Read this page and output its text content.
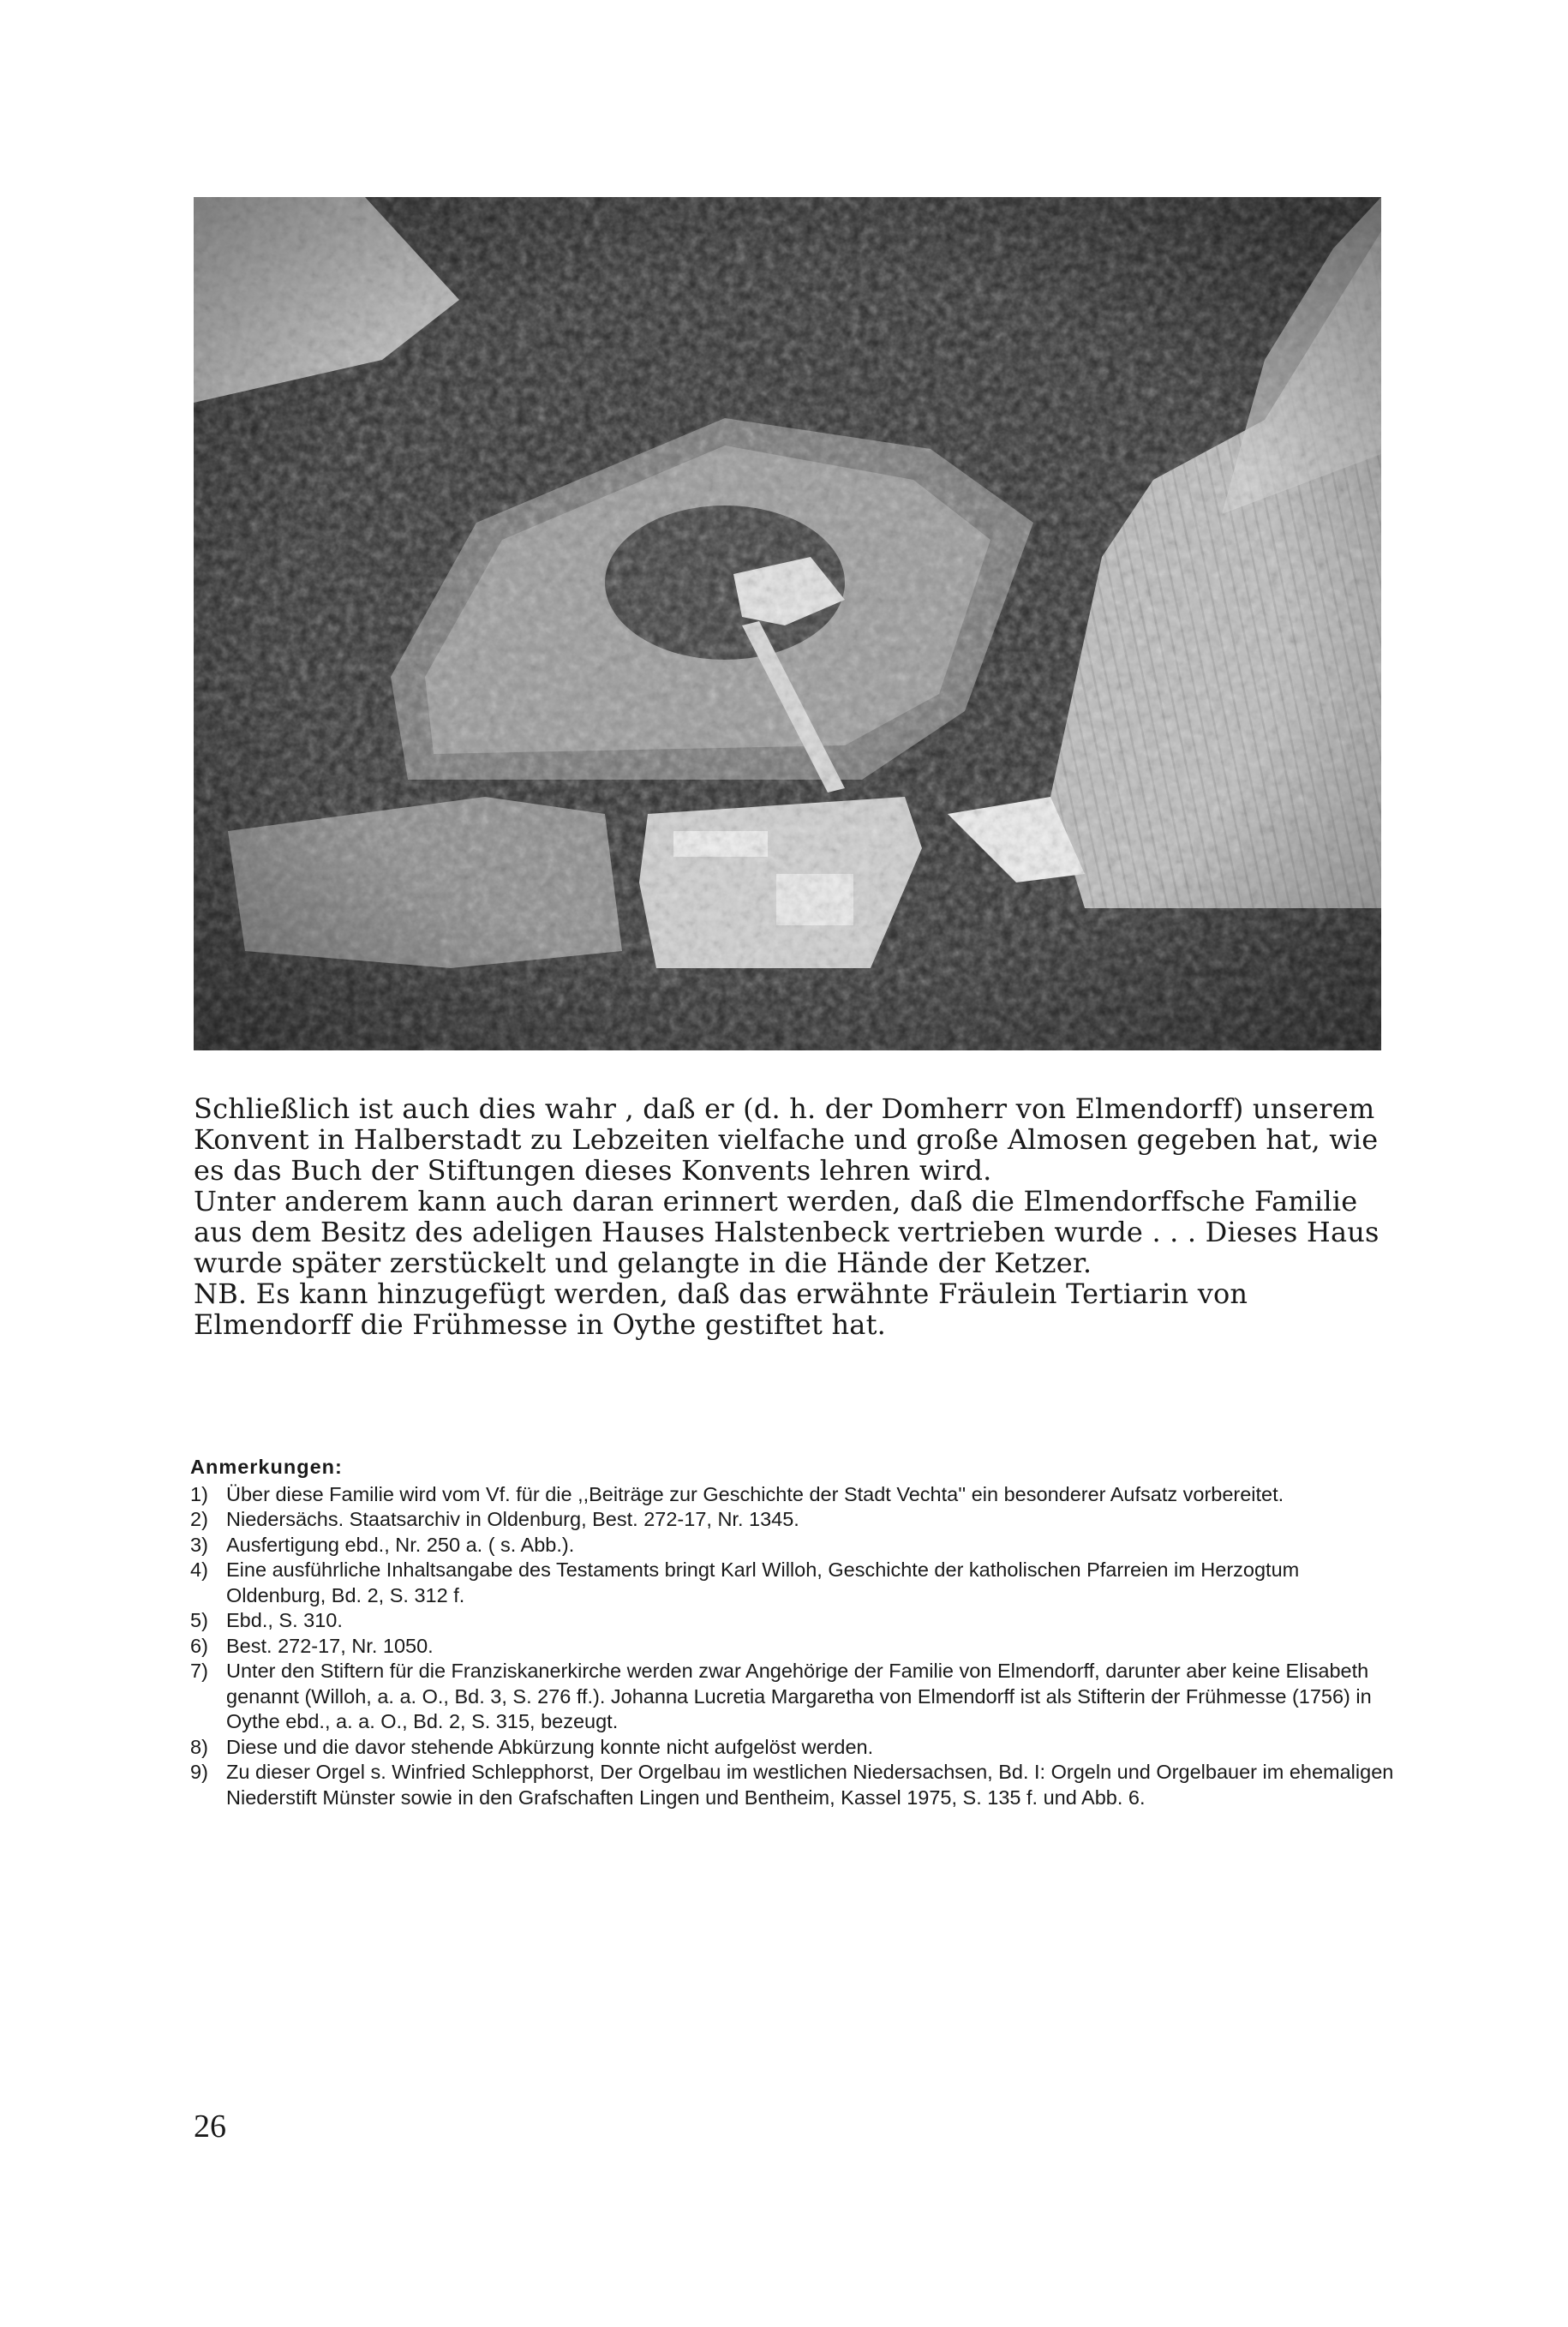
Schließlich ist auch dies wahr , daß er (d. h. der Domherr von Elmendorff) unserem Konvent in Halberstadt zu Lebzeiten vielfache und große Almosen gegeben hat, wie es das Buch der Stiftungen dieses Konvents lehren wird.

Unter anderem kann auch daran erinnert werden, daß die Elmendorffsche Familie aus dem Besitz des adeligen Hauses Halstenbeck vertrieben wurde . . . Dieses Haus wurde später zerstückelt und gelangte in die Hände der Ketzer.

NB. Es kann hinzugefügt werden, daß das erwähnte Fräulein Tertiarin von Elmendorff die Frühmesse in Oythe gestiftet hat.

Anmerkungen:
1) Über diese Familie wird vom Vf. für die ,,Beiträge zur Geschichte der Stadt Vechta'' ein besonderer Aufsatz vorbereitet.
2) Niedersächs. Staatsarchiv in Oldenburg, Best. 272-17, Nr. 1345.
3) Ausfertigung ebd., Nr. 250 a. ( s. Abb.).
4) Eine ausführliche Inhaltsangabe des Testaments bringt Karl Willoh, Geschichte der katholischen Pfarreien im Herzogtum Oldenburg, Bd. 2, S. 312 f.
5) Ebd., S. 310.
6) Best. 272-17, Nr. 1050.
7) Unter den Stiftern für die Franziskanerkirche werden zwar Angehörige der Familie von Elmendorff, darunter aber keine Elisabeth genannt (Willoh, a. a. O., Bd. 3, S. 276 ff.). Johanna Lucretia Margaretha von Elmendorff ist als Stifterin der Frühmesse (1756) in Oythe ebd., a. a. O., Bd. 2, S. 315, bezeugt.
8) Diese und die davor stehende Abkürzung konnte nicht aufgelöst werden.
9) Zu dieser Orgel s. Winfried Schlepphorst, Der Orgelbau im westlichen Niedersachsen, Bd. I: Orgeln und Orgelbauer im ehemaligen Niederstift Münster sowie in den Grafschaften Lingen und Bentheim, Kassel 1975, S. 135 f. und Abb. 6.
26
